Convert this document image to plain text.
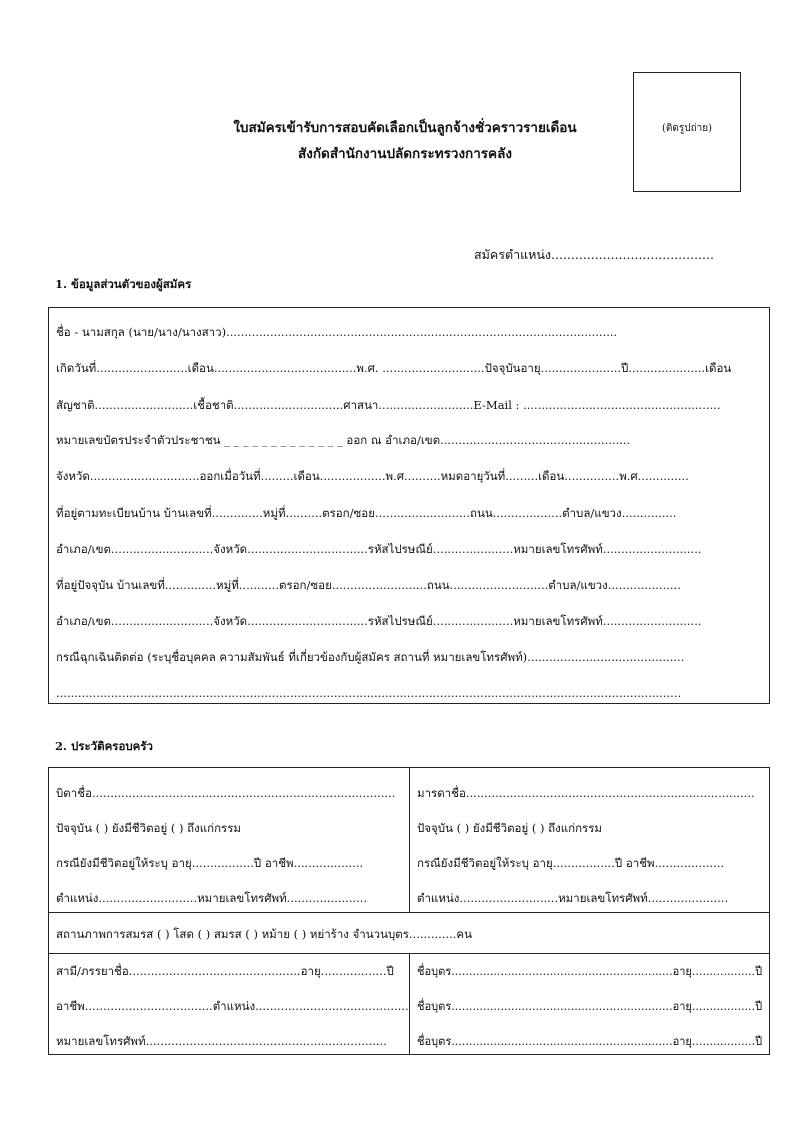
(ติดรูปถ่าย)
ใบสมัครเข้ารับการสอบคัดเลือกเป็นลูกจ้างชั่วคราวรายเดือน
สังกัดสำนักงานปลัดกระทรวงการคลัง
สมัครตำแหน่ง.........................................
1. ข้อมูลส่วนตัวของผู้สมัคร
ชื่อ - นามสกุล (นาย/นาง/นางสาว)...........................................................................................................
เกิดวันที่.........................เดือน.......................................พ.ศ. ............................ปัจจุบันอายุ......................ปี.....................เดือน
สัญชาติ...........................เชื้อชาติ..............................ศาสนา..........................E-Mail : ......................................................
หมายเลขบัตรประจำตัวประชาชน _ _ _ _ _ _ _ _ _ _ _ _ _ ออก ณ อำเภอ/เขต....................................................
จังหวัด..............................ออกเมื่อวันที่.........เดือน..................พ.ศ..........หมดอายุวันที่.........เดือน...............พ.ศ..............
ที่อยู่ตามทะเบียนบ้าน บ้านเลขที่..............หมู่ที่..........ตรอก/ซอย..........................ถนน...................ตำบล/แขวง...............
อำเภอ/เขต............................จังหวัด.................................รหัสไปรษณีย์......................หมายเลขโทรศัพท์...........................
ที่อยู่ปัจจุบัน บ้านเลขที่..............หมู่ที่...........ตรอก/ซอย..........................ถนน...........................ตำบล/แขวง....................
อำเภอ/เขต............................จังหวัด.................................รหัสไปรษณีย์......................หมายเลขโทรศัพท์...........................
กรณีฉุกเฉินติดต่อ (ระบุชื่อบุคคล ความสัมพันธ์ ที่เกี่ยวข้องกับผู้สมัคร สถานที่ หมายเลขโทรศัพท์)...........................................
...........................................................................................................................................................................
2. ประวัติครอบครัว
บิดาชื่อ...................................................................................
ปัจจุบัน ( ) ยังมีชีวิตอยู่ ( ) ถึงแก่กรรม
กรณียังมีชีวิตอยู่ให้ระบุ อายุ.................ปี อาชีพ...................
ตำแหน่ง...........................หมายเลขโทรศัพท์......................
มารดาชื่อ...............................................................................
ปัจจุบัน ( ) ยังมีชีวิตอยู่ ( ) ถึงแก่กรรม
กรณียังมีชีวิตอยู่ให้ระบุ อายุ.................ปี อาชีพ...................
ตำแหน่ง...........................หมายเลขโทรศัพท์......................
สถานภาพการสมรส ( ) โสด ( ) สมรส ( ) หม้าย ( ) หย่าร้าง จำนวนบุตร.............คน
สามี/ภรรยาชื่อ...............................................อายุ..................ปี
อาชีพ...................................ตำแหน่ง..........................................
หมายเลขโทรศัพท์..................................................................
ชื่อบุตร...............................................................อายุ..................ปี
ชื่อบุตร...............................................................อายุ..................ปี
ชื่อบุตร...............................................................อายุ..................ปี
